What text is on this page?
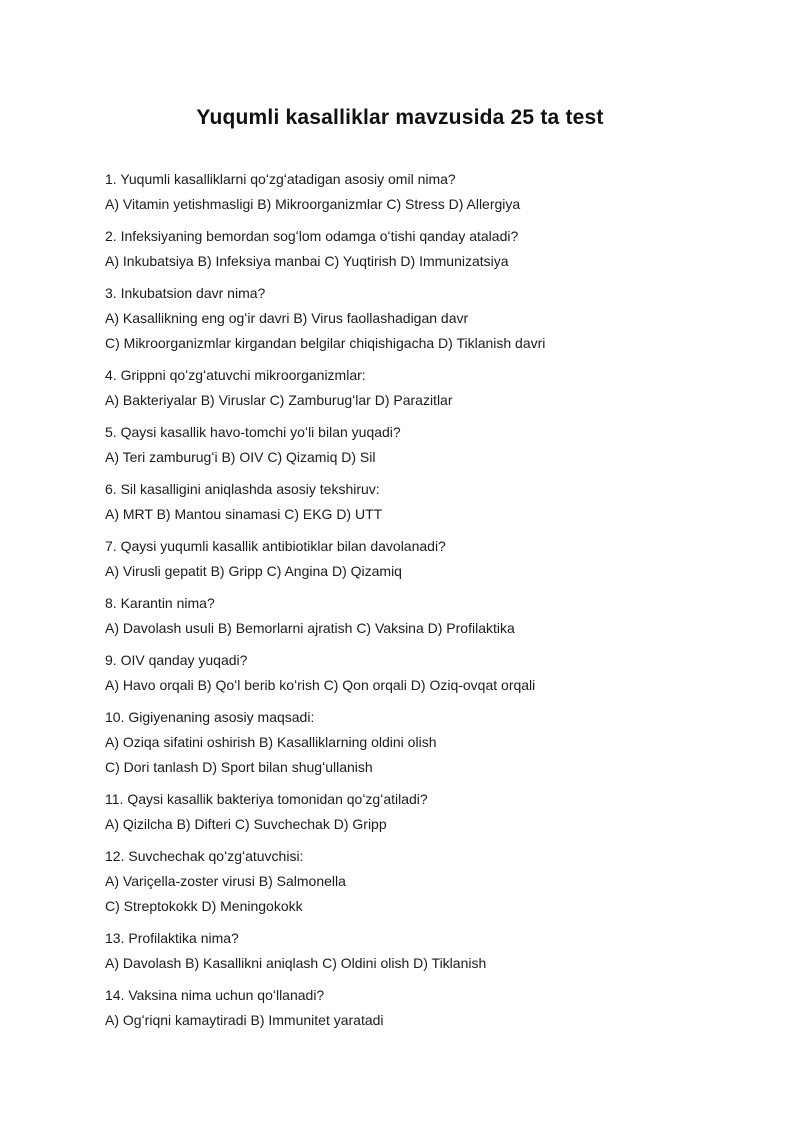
Yuqumli kasalliklar mavzusida 25 ta test

1. Yuqumli kasalliklarni qoʻzgʻatadigan asosiy omil nima?

A) Vitamin yetishmasligi B) Mikroorganizmlar C) Stress D) Allergiya

2. Infeksiyaning bemordan sogʻlom odamga oʻtishi qanday ataladi?

A) Inkubatsiya B) Infeksiya manbai C) Yuqtirish D) Immunizatsiya

3. Inkubatsion davr nima?

A) Kasallikning eng ogʻir davri B) Virus faollashadigan davr

C) Mikroorganizmlar kirgandan belgilar chiqishigacha D) Tiklanish davri

4. Grippni qoʻzgʻatuvchi mikroorganizmlar:

A) Bakteriyalar B) Viruslar C) Zamburugʻlar D) Parazitlar

5. Qaysi kasallik havo-tomchi yoʻli bilan yuqadi?

A) Teri zamburugʻi B) OIV C) Qizamiq D) Sil

6. Sil kasalligini aniqlashda asosiy tekshiruv:

A) MRT B) Mantou sinamasi C) EKG D) UTT

7. Qaysi yuqumli kasallik antibiotiklar bilan davolanadi?

A) Virusli gepatit B) Gripp C) Angina D) Qizamiq

8. Karantin nima?

A) Davolash usuli B) Bemorlarni ajratish C) Vaksina D) Profilaktika

9. OIV qanday yuqadi?

A) Havo orqali B) Qoʻl berib koʻrish C) Qon orqali D) Oziq-ovqat orqali

10. Gigiyenaning asosiy maqsadi:

A) Oziqa sifatini oshirish B) Kasalliklarning oldini olish

C) Dori tanlash D) Sport bilan shugʻullanish

11. Qaysi kasallik bakteriya tomonidan qoʻzgʻatiladi?

A) Qizilcha B) Difteri C) Suvchechak D) Gripp

12. Suvchechak qoʻzgʻatuvchisi:

A) Variçella-zoster virusi B) Salmonella

C) Streptokokk D) Meningokokk

13. Profilaktika nima?

A) Davolash B) Kasallikni aniqlash C) Oldini olish D) Tiklanish

14. Vaksina nima uchun qoʻllanadi?

A) Ogʻriqni kamaytiradi B) Immunitet yaratadi
